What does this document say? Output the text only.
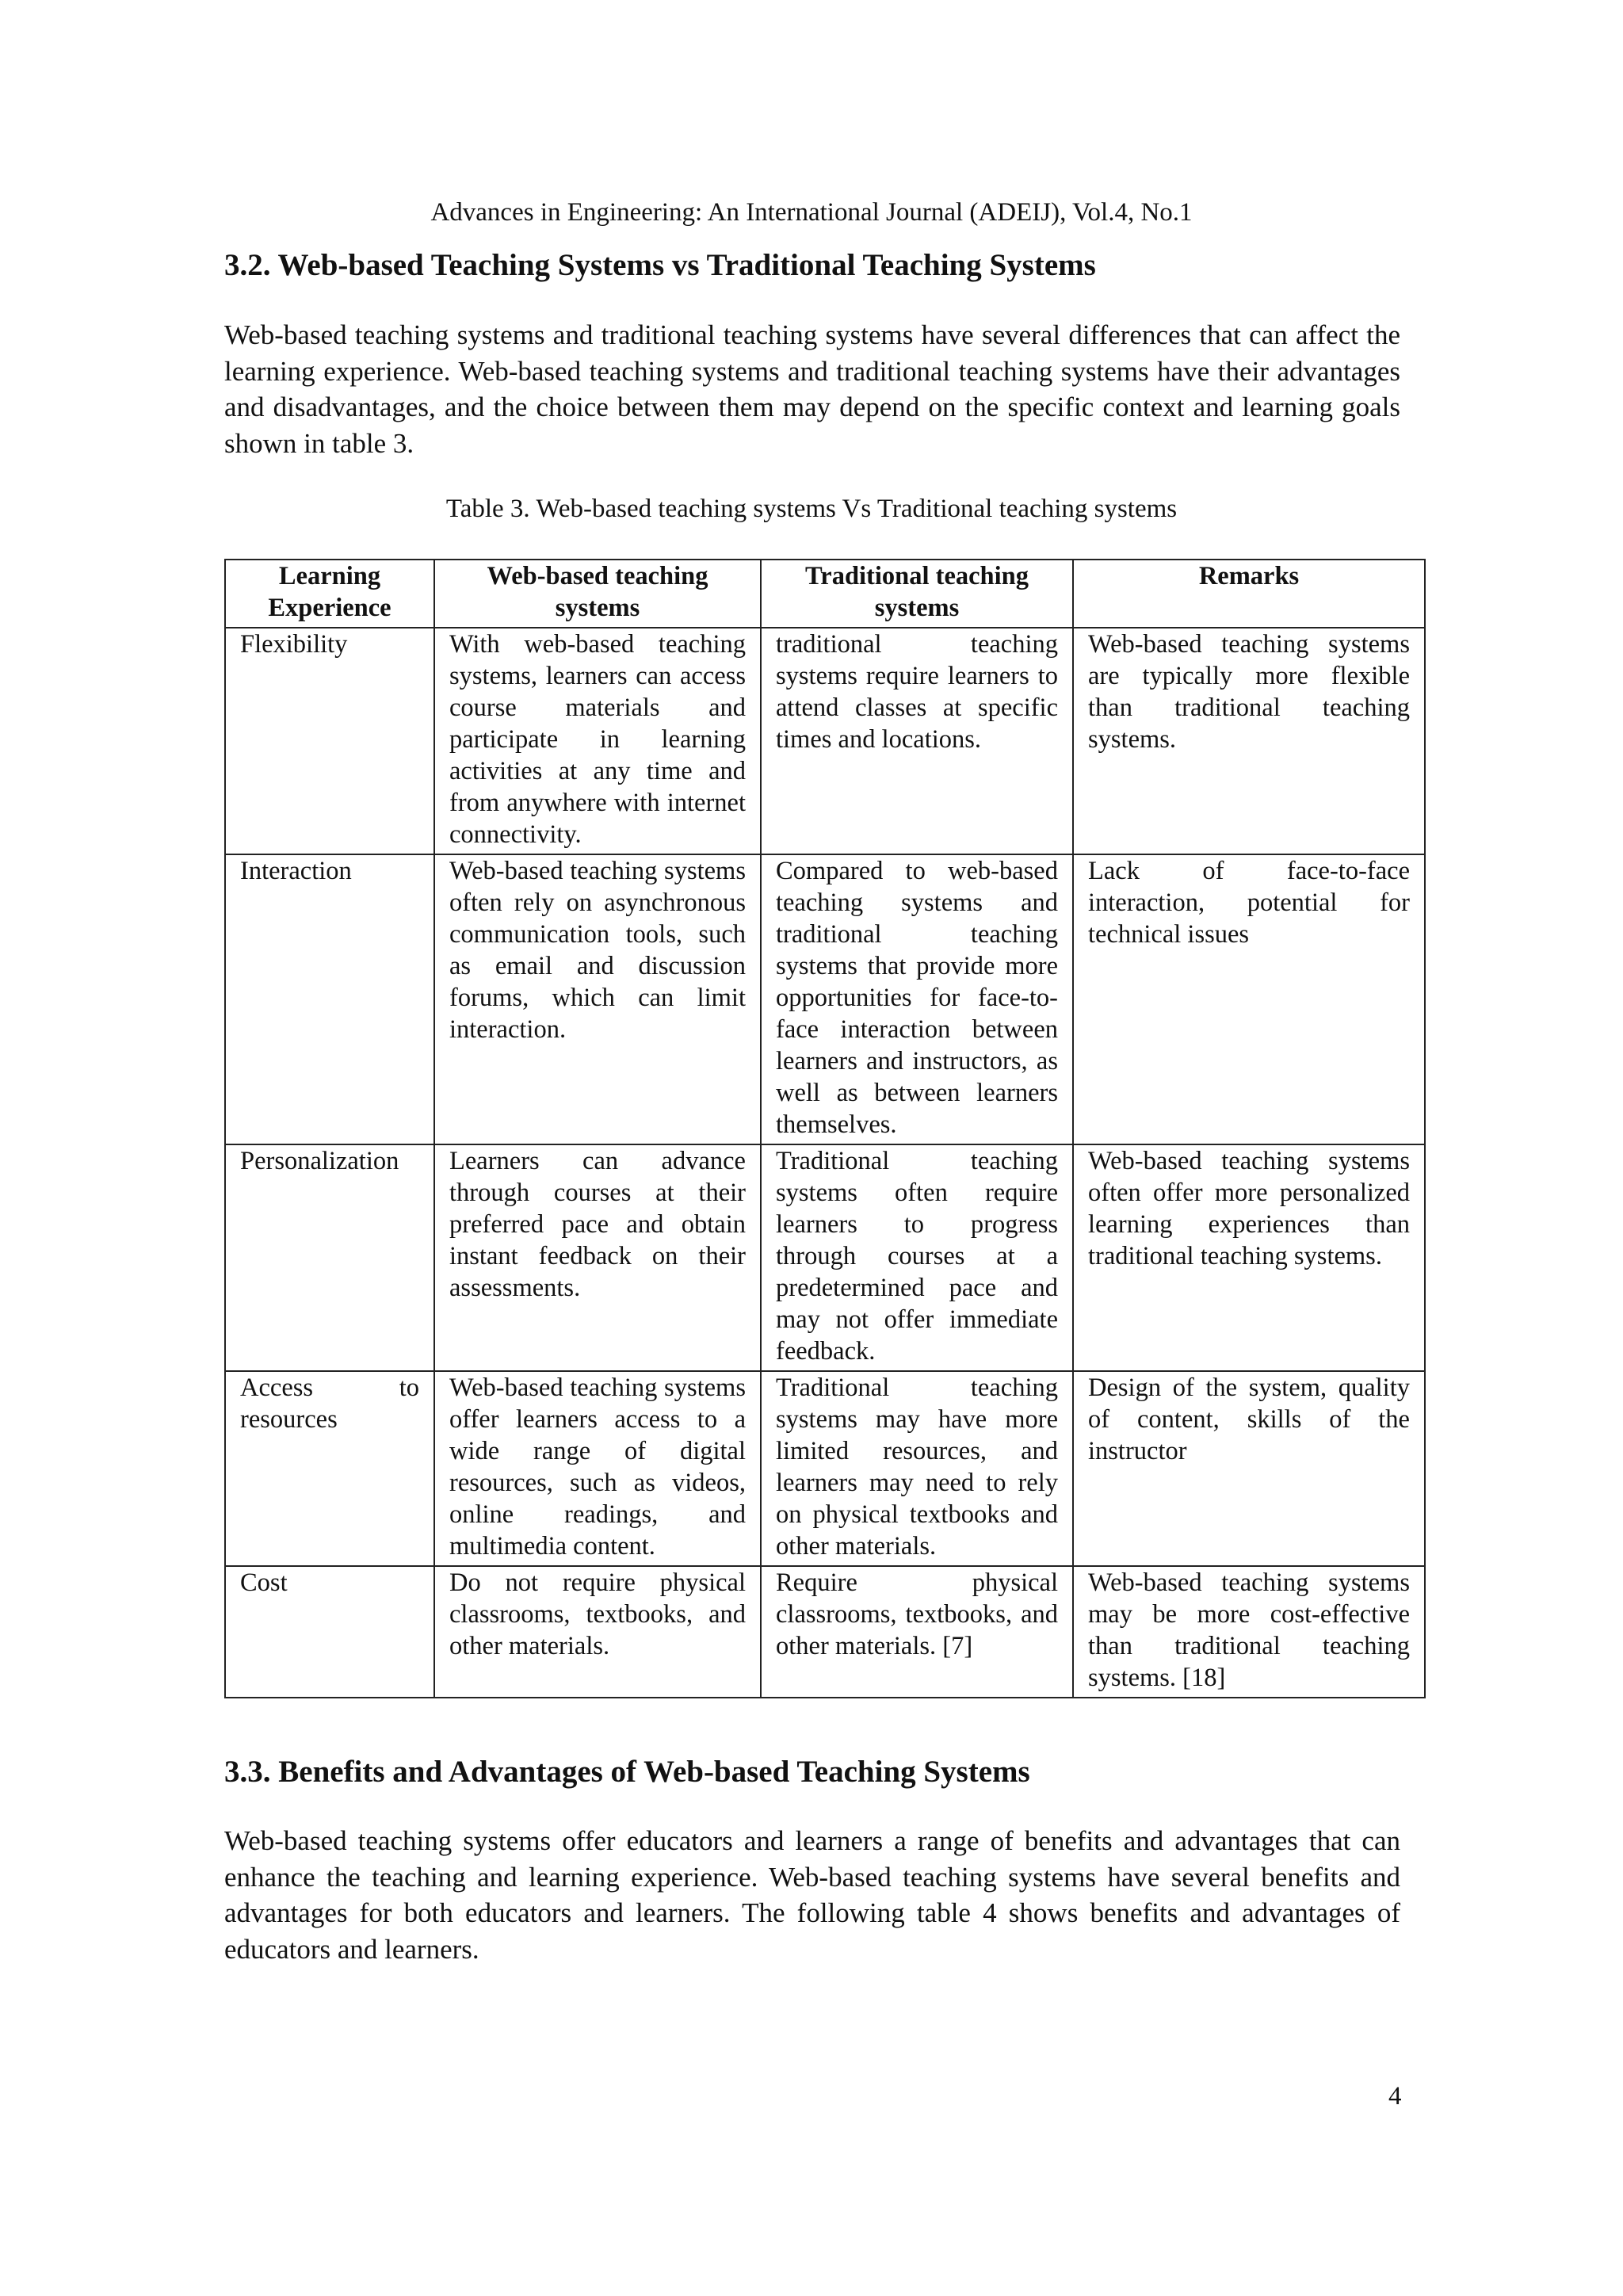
Advances in Engineering: An International Journal (ADEIJ), Vol.4, No.1
3.2. Web-based Teaching Systems vs Traditional Teaching Systems

Web-based teaching systems and traditional teaching systems have several differences that can affect the learning experience. Web-based teaching systems and traditional teaching systems have their advantages and disadvantages, and the choice between them may depend on the specific context and learning goals shown in table 3.

Table 3. Web-based teaching systems Vs Traditional teaching systems
Learning Experience	Web-based teaching systems	Traditional teaching systems	Remarks
Flexibility	With web-based teaching systems, learners can access course materials and participate in learning activities at any time and from anywhere with internet connectivity.	traditional teaching systems require learners to attend classes at specific times and locations.	Web-based teaching systems are typically more flexible than traditional teaching systems.
Interaction	Web-based teaching systems often rely on asynchronous communication tools, such as email and discussion forums, which can limit interaction.	Compared to web-based teaching systems and traditional teaching systems that provide more opportunities for face-to-face interaction between learners and instructors, as well as between learners themselves.	Lack of face-to-face interaction, potential for technical issues
Personalization	Learners can advance through courses at their preferred pace and obtain instant feedback on their assessments.	Traditional teaching systems often require learners to progress through courses at a predetermined pace and may not offer immediate feedback.	Web-based teaching systems often offer more personalized learning experiences than traditional teaching systems.
Access to resources	Web-based teaching systems offer learners access to a wide range of digital resources, such as videos, online readings, and multimedia content.	Traditional teaching systems may have more limited resources, and learners may need to rely on physical textbooks and other materials.	Design of the system, quality of content, skills of the instructor
Cost	Do not require physical classrooms, textbooks, and other materials.	Require physical classrooms, textbooks, and other materials. [7]	Web-based teaching systems may be more cost-effective than traditional teaching systems. [18]
3.3. Benefits and Advantages of Web-based Teaching Systems

Web-based teaching systems offer educators and learners a range of benefits and advantages that can enhance the teaching and learning experience. Web-based teaching systems have several benefits and advantages for both educators and learners. The following table 4 shows benefits and advantages of educators and learners.

4
